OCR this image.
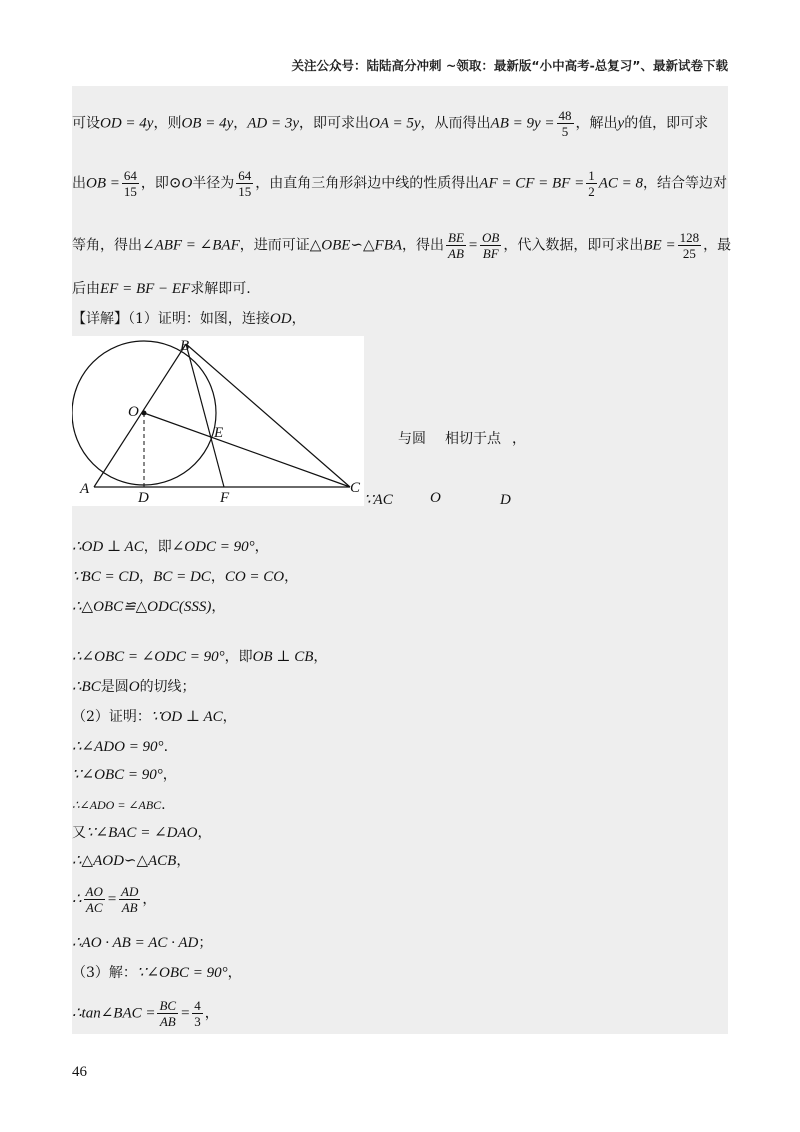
关注公众号：陆陆高分冲刺 ~领取：最新版“小中高考-总复习”、最新试卷下载
可设OD = 4y，则OB = 4y，AD = 3y，即可求出OA = 5y，从而得出AB = $9y = \frac{48}{5}$ ，解出y的值，即可求
出OB = $\frac{64}{15}$ ，即⊙O半径为 $\frac{64}{15}$ ，由直角三角形斜边中线的性质得出AF = CF = BF = $\frac{1}{2}$ AC = 8，结合等边对
等角，得出∠ABF = ∠BAF，进而可证△OBE∽△FBA，得出 $\frac{BE}{AB} = \frac{OB}{BF}$ ，代入数据，即可求出BE = $\frac{128}{25}$ ，最
后由EF = BF − EF求解即可.
【详解】（1）证明：如图，连接OD，
B
O
E
A
D	F
C
与圆 相切于点 ，
∵AC O	D
∴OD ⊥ AC，即∠ODC = 90°，
∵BC = CD，BC = DC，CO = CO，
∴△OBC≌△ODC(SSS)，
∴∠OBC = ∠ODC = 90°，即OB ⊥ CB，
∴BC是圆O的切线；
（2）证明：∵OD ⊥ AC，
∴∠ADO = 90°.
∵∠OBC = 90°，
∴∠ADO = ∠ABC.
又∵∠BAC = ∠DAO，
∴△AOD∽△ACB，
∴ $\frac{AO}{AC} = \frac{AD}{AB}$ ，
∴AO · AB = AC · AD；
（3）解：∵∠OBC = 90°，
∴tan∠BAC = $\frac{BC}{AB} = \frac{4}{3}$ ，
46
